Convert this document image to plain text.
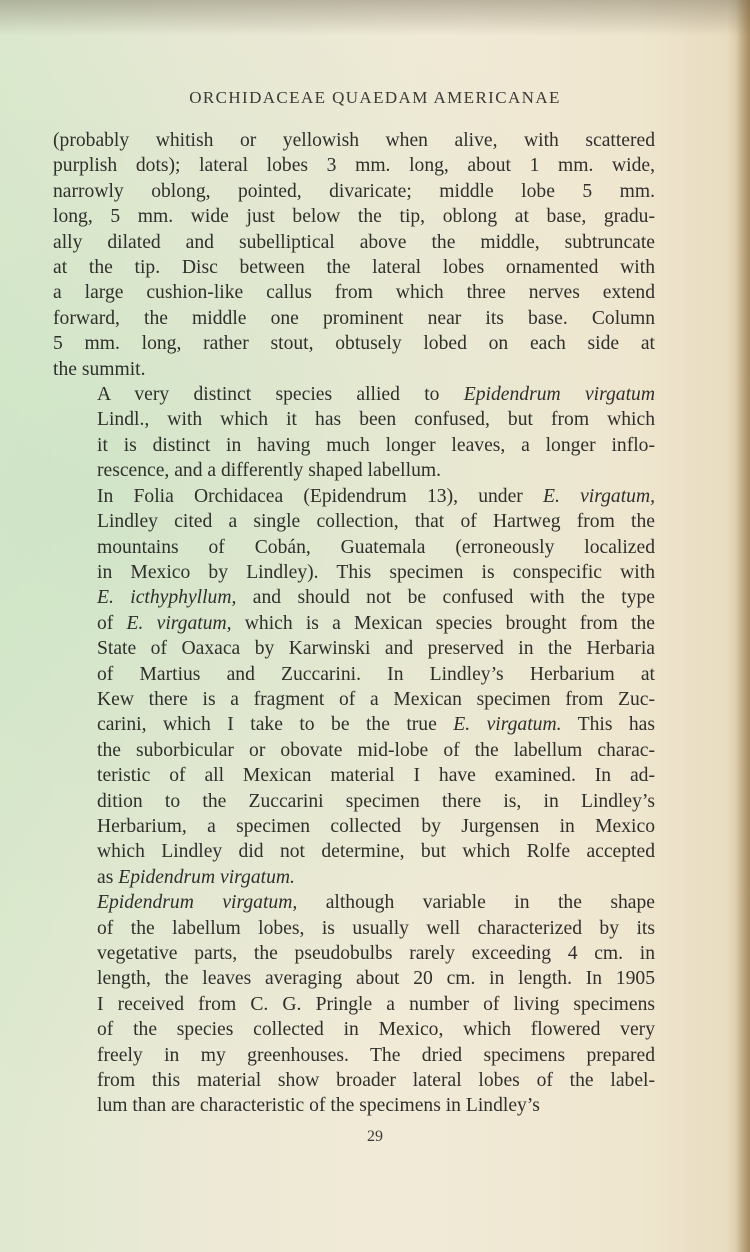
ORCHIDACEAE QUAEDAM AMERICANAE
(probably whitish or yellowish when alive, with scattered
purplish dots); lateral lobes 3 mm. long, about 1 mm. wide,
narrowly oblong, pointed, divaricate; middle lobe 5 mm.
long, 5 mm. wide just below the tip, oblong at base, gradu-
ally dilated and subelliptical above the middle, subtruncate
at the tip. Disc between the lateral lobes ornamented with
a large cushion-like callus from which three nerves extend
forward, the middle one prominent near its base. Column
5 mm. long, rather stout, obtusely lobed on each side at
the summit.
A very distinct species allied to Epidendrum virgatum
Lindl., with which it has been confused, but from which
it is distinct in having much longer leaves, a longer inflo-
rescence, and a differently shaped labellum.
In Folia Orchidacea (Epidendrum 13), under E. virgatum,
Lindley cited a single collection, that of Hartweg from the
mountains of Cobán, Guatemala (erroneously localized
in Mexico by Lindley). This specimen is conspecific with
E. icthyphyllum, and should not be confused with the type
of E. virgatum, which is a Mexican species brought from the
State of Oaxaca by Karwinski and preserved in the Herbaria
of Martius and Zuccarini. In Lindley’s Herbarium at
Kew there is a fragment of a Mexican specimen from Zuc-
carini, which I take to be the true E. virgatum. This has
the suborbicular or obovate mid-lobe of the labellum charac-
teristic of all Mexican material I have examined. In ad-
dition to the Zuccarini specimen there is, in Lindley’s
Herbarium, a specimen collected by Jurgensen in Mexico
which Lindley did not determine, but which Rolfe accepted
as Epidendrum virgatum.
Epidendrum virgatum, although variable in the shape
of the labellum lobes, is usually well characterized by its
vegetative parts, the pseudobulbs rarely exceeding 4 cm. in
length, the leaves averaging about 20 cm. in length. In 1905
I received from C. G. Pringle a number of living specimens
of the species collected in Mexico, which flowered very
freely in my greenhouses. The dried specimens prepared
from this material show broader lateral lobes of the label-
lum than are characteristic of the specimens in Lindley’s
29
